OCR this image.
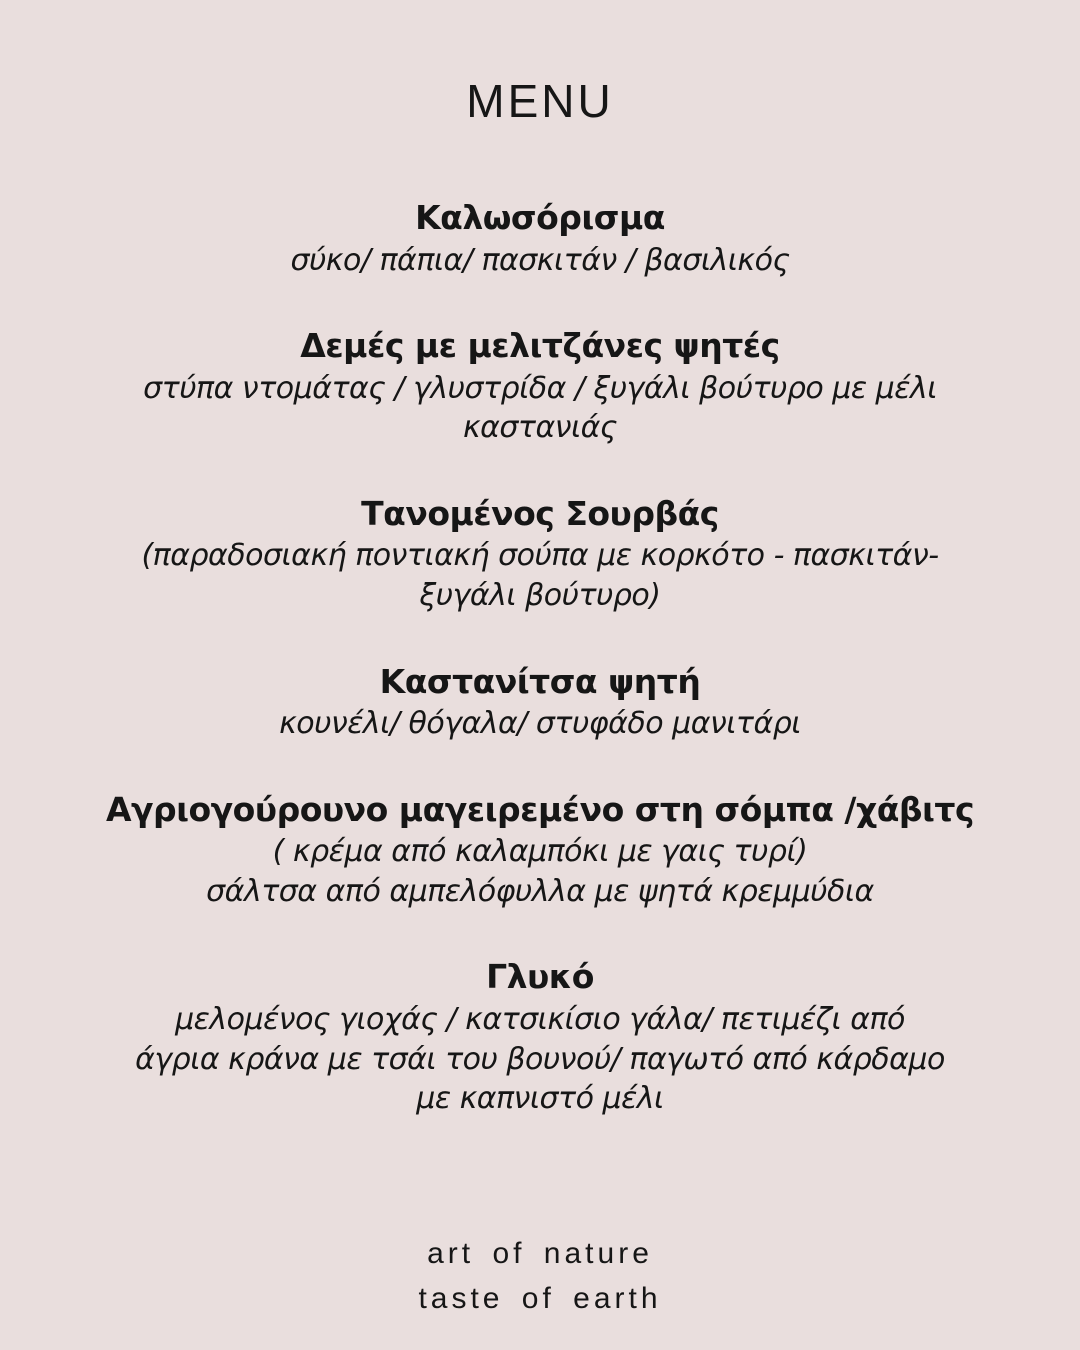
MENU
Καλωσόρισμα

σύκο/ πάπια/ πασκιτάν / βασιλικός

Δεμές με μελιτζάνες ψητές

στύπα ντομάτας / γλυστρίδα / ξυγάλι βούτυρο με μέλι

καστανιάς

Τανομένος Σουρβάς

(παραδοσιακή ποντιακή σούπα με κορκότο - πασκιτάν-

ξυγάλι βούτυρο)

Καστανίτσα ψητή

κουνέλι/ θόγαλα/ στυφάδο μανιτάρι

Αγριογούρουνο μαγειρεμένο στη σόμπα /χάβιτς

( κρέμα από καλαμπόκι με γαις τυρί)

σάλτσα από αμπελόφυλλα με ψητά κρεμμύδια

Γλυκό

μελομένος γιοχάς / κατσικίσιο γάλα/ πετιμέζι από

άγρια κράνα με τσάι του βουνού/ παγωτό από κάρδαμο

με καπνιστό μέλι

art of nature
taste of earth
